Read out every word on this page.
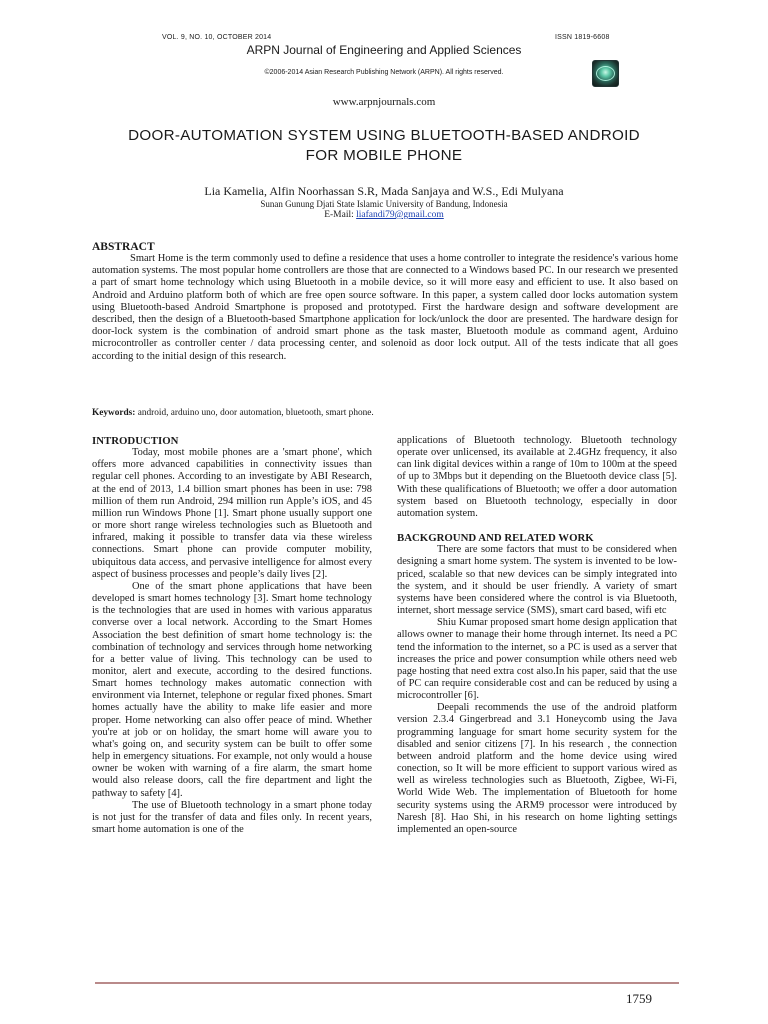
VOL. 9, NO. 10, OCTOBER 2014	ISSN 1819-6608
ARPN Journal of Engineering and Applied Sciences
©2006-2014 Asian Research Publishing Network (ARPN). All rights reserved.
www.arpnjournals.com
DOOR-AUTOMATION SYSTEM USING BLUETOOTH-BASED ANDROID
FOR MOBILE PHONE
Lia Kamelia, Alfin Noorhassan S.R, Mada Sanjaya and W.S., Edi Mulyana
Sunan Gunung Djati State Islamic University of Bandung, Indonesia
E-Mail: liafandi79@gmail.com
ABSTRACT

Smart Home is the term commonly used to define a residence that uses a home controller to integrate the residence's various home automation systems. The most popular home controllers are those that are connected to a Windows based PC. In our research we presented a part of smart home technology which using Bluetooth in a mobile device, so it will more easy and efficient to use. It also based on Android and Arduino platform both of which are free open source software. In this paper, a system called door locks automation system using Bluetooth-based Android Smartphone is proposed and prototyped. First the hardware design and software development are described, then the design of a Bluetooth-based Smartphone application for lock/unlock the door are presented. The hardware design for door-lock system is the combination of android smart phone as the task master, Bluetooth module as command agent, Arduino microcontroller as controller center / data processing center, and solenoid as door lock output. All of the tests indicate that all goes according to the initial design of this research.

Keywords: android, arduino uno, door automation, bluetooth, smart phone.
INTRODUCTION

Today, most mobile phones are a 'smart phone', which offers more advanced capabilities in connectivity issues than regular cell phones. According to an investigate by ABI Research, at the end of 2013, 1.4 billion smart phones has been in use: 798 million of them run Android, 294 million run Apple’s iOS, and 45 million run Windows Phone [1]. Smart phone usually support one or more short range wireless technologies such as Bluetooth and infrared, making it possible to transfer data via these wireless connections. Smart phone can provide computer mobility, ubiquitous data access, and pervasive intelligence for almost every aspect of business processes and people’s daily lives [2].

One of the smart phone applications that have been developed is smart homes technology [3]. Smart home technology is the technologies that are used in homes with various apparatus converse over a local network. According to the Smart Homes Association the best definition of smart home technology is: the combination of technology and services through home networking for a better value of living. This technology can be used to monitor, alert and execute, according to the desired functions. Smart homes technology makes automatic connection with environment via Internet, telephone or regular fixed phones. Smart homes actually have the ability to make life easier and more proper. Home networking can also offer peace of mind. Whether you're at job or on holiday, the smart home will aware you to what's going on, and security system can be built to offer some help in emergency situations. For example, not only would a house owner be woken with warning of a fire alarm, the smart home would also release doors, call the fire department and light the pathway to safety [4].

The use of Bluetooth technology in a smart phone today is not just for the transfer of data and files only. In recent years, smart home automation is one of the

applications of Bluetooth technology. Bluetooth technology operate over unlicensed, its available at 2.4GHz frequency, it also can link digital devices within a range of 10m to 100m at the speed of up to 3Mbps but it depending on the Bluetooth device class [5]. With these qualifications of Bluetooth; we offer a door automation system based on Bluetooth technology, especially in door automation system.

BACKGROUND AND RELATED WORK

There are some factors that must to be considered when designing a smart home system. The system is invented to be low-priced, scalable so that new devices can be simply integrated into the system, and it should be user friendly. A variety of smart systems have been considered where the control is via Bluetooth, internet, short message service (SMS), smart card based, wifi etc

Shiu Kumar proposed smart home design application that allows owner to manage their home through internet. Its need a PC tend the information to the internet, so a PC is used as a server that increases the price and power consumption while others need web page hosting that need extra cost also.In his paper, said that the use of PC can require considerable cost and can be reduced by using a microcontroller [6].

Deepali recommends the use of the android platform version 2.3.4 Gingerbread and 3.1 Honeycomb using the Java programming language for smart home security system for the disabled and senior citizens [7]. In his research , the connection between android platform and the home device using wired conection, so It will be more efficient to support various wired as well as wireless technologies such as Bluetooth, Zigbee, Wi-Fi, World Wide Web. The implementation of Bluetooth for home security systems using the ARM9 processor were introduced by Naresh [8]. Hao Shi, in his research on home lighting settings implemented an open-source

1759
